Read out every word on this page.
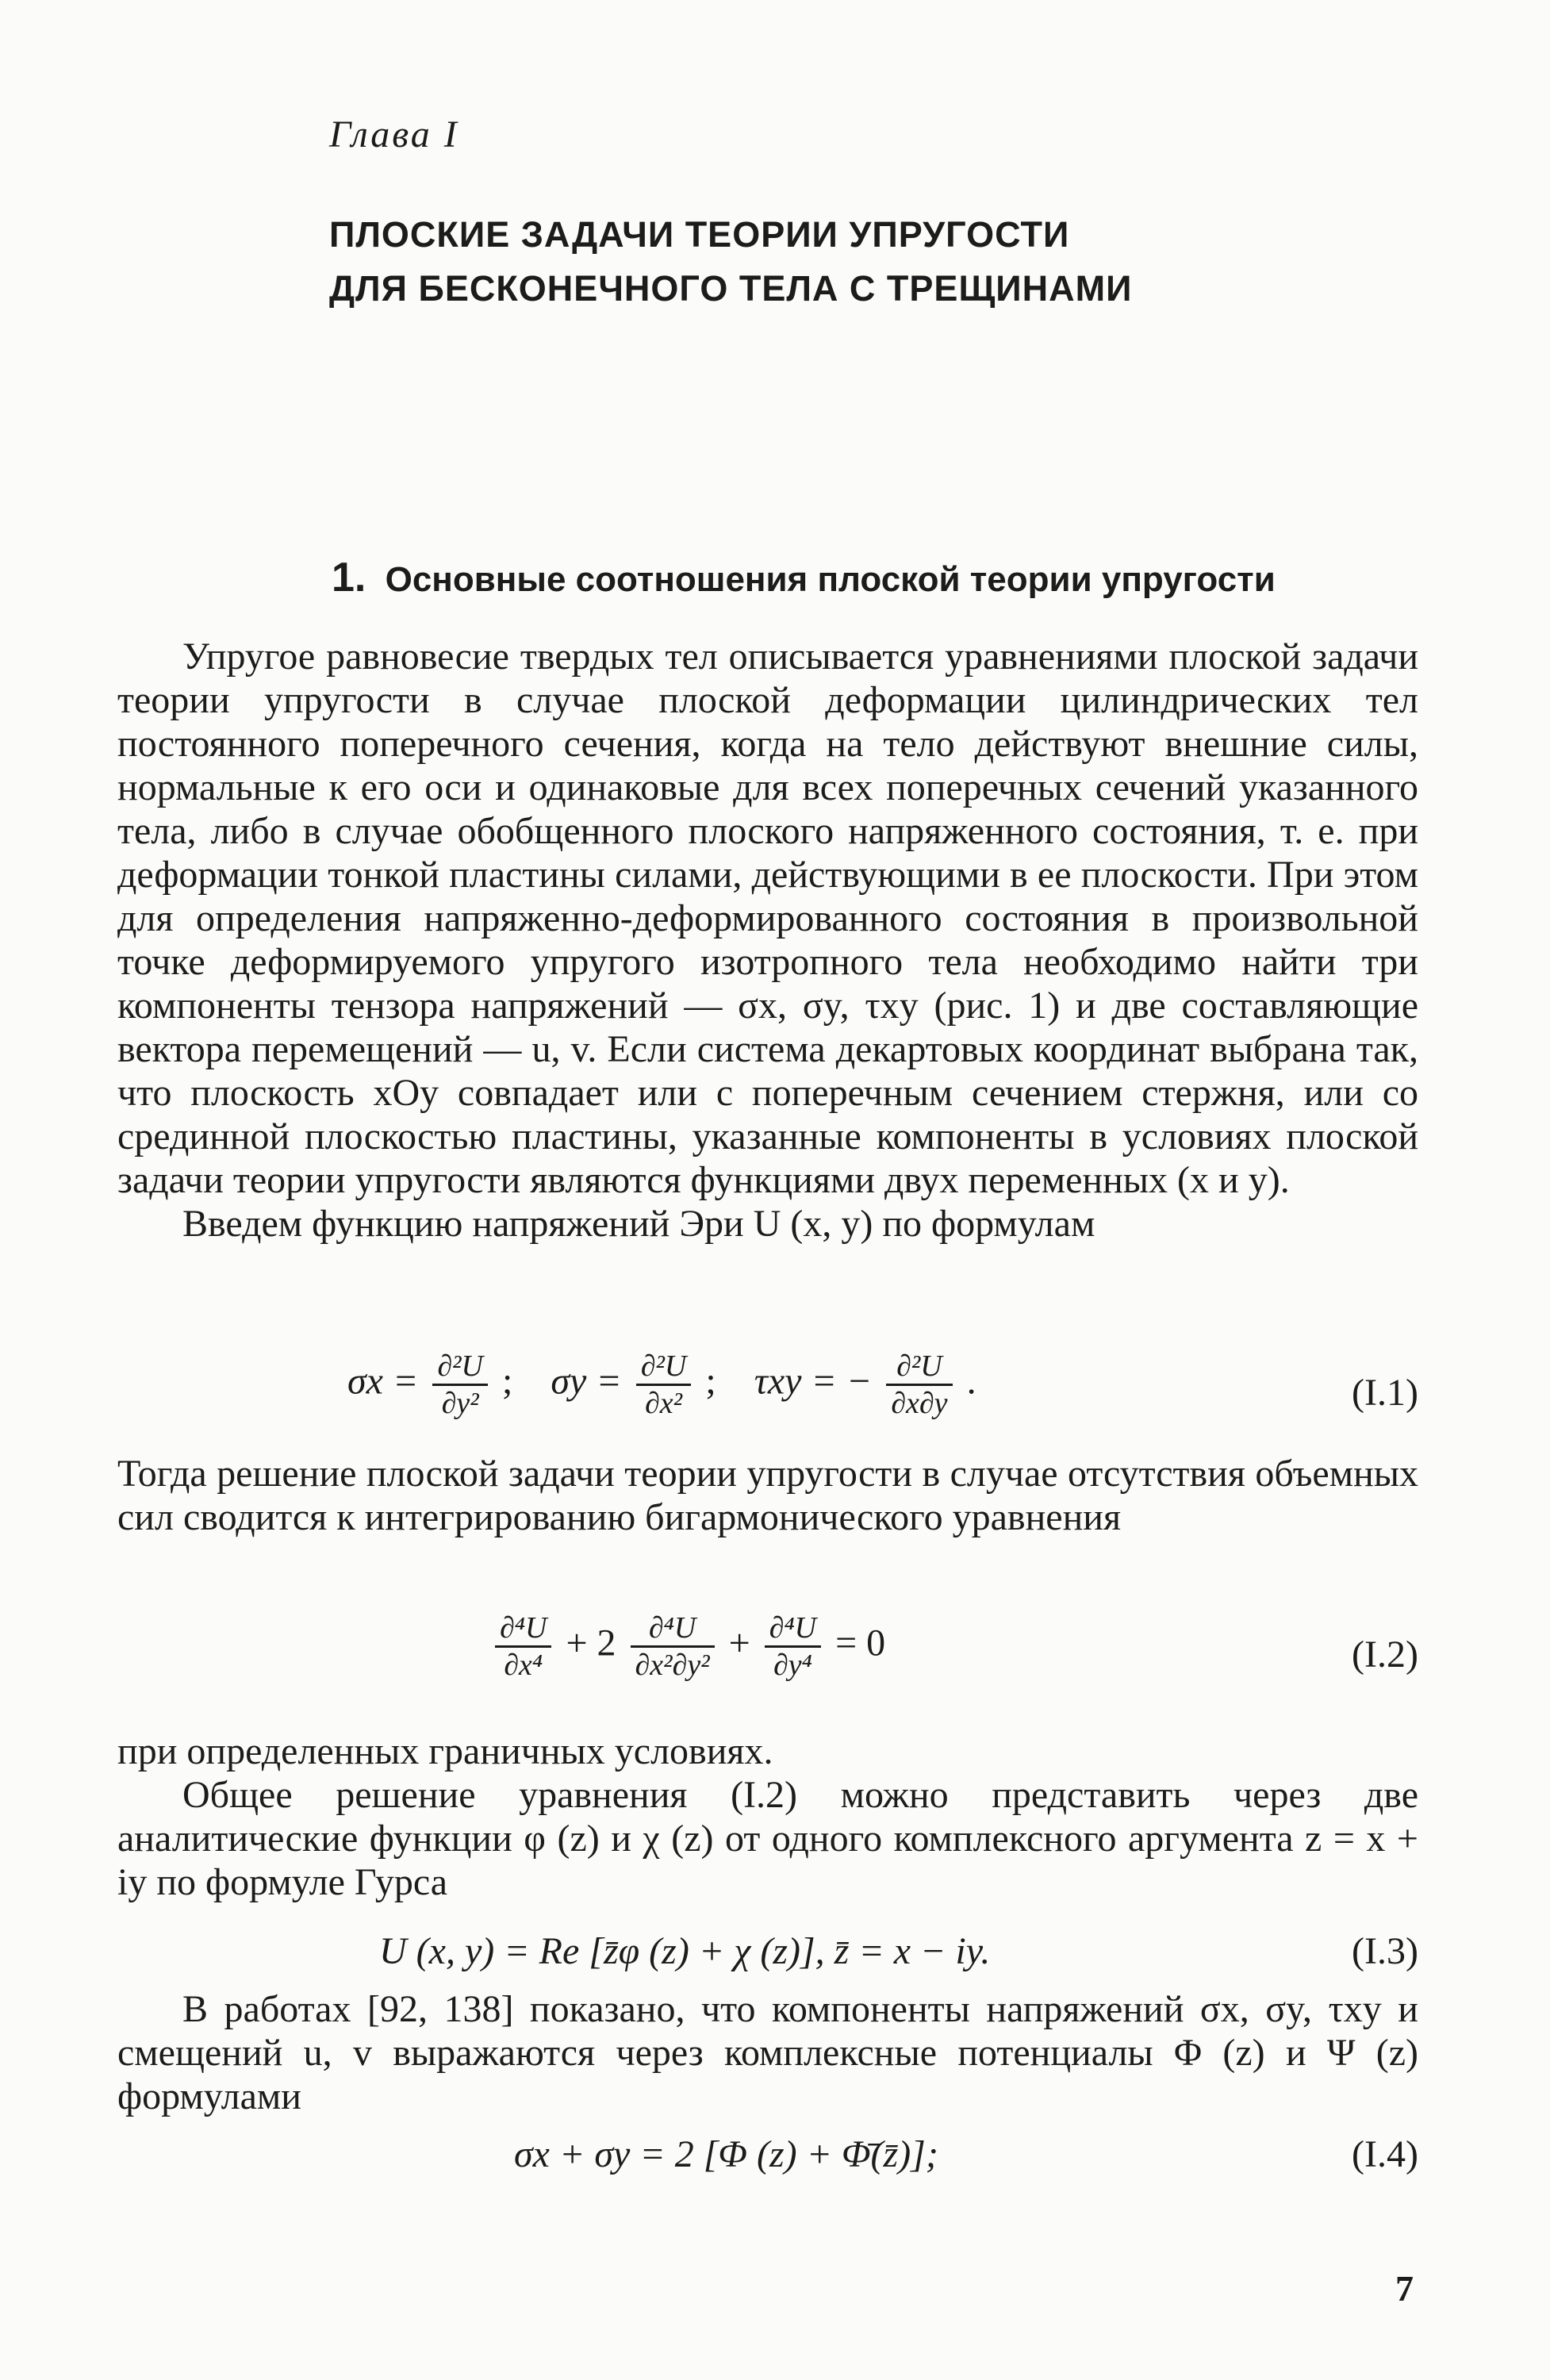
Глава I
ПЛОСКИЕ ЗАДАЧИ ТЕОРИИ УПРУГОСТИ
ДЛЯ БЕСКОНЕЧНОГО ТЕЛА С ТРЕЩИНАМИ
1. Основные соотношения плоской теории упругости

Упругое равновесие твердых тел описывается уравнениями плоской задачи теории упругости в случае плоской деформации цилиндрических тел постоянного поперечного сечения, когда на тело действуют внешние силы, нормальные к его оси и одинаковые для всех поперечных сечений указанного тела, либо в случае обобщенного плоского напряженного состояния, т. е. при деформации тонкой пластины силами, действующими в ее плоскости. При этом для определения напряженно-деформированного состояния в произвольной точке деформируемого упругого изотропного тела необходимо найти три компоненты тензора напряжений — σx, σy, τxy (рис. 1) и две составляющие вектора перемещений — u, v. Если система декартовых координат выбрана так, что плоскость xOy совпадает или с поперечным сечением стержня, или со срединной плоскостью пластины, указанные компоненты в условиях плоской задачи теории упругости являются функциями двух переменных (x и y).

Введем функцию напряжений Эри U (x, y) по формулам

$\sigma x = \frac{\text{∂²U}}{\text{∂y²}}$ ; $\sigma y = \frac{\text{∂²U}}{\text{∂x²}}$ ; τxy = − $\frac{\text{∂²U}}{\partial x\partial y}$ .	(I.1)

Тогда решение плоской задачи теории упругости в случае отсутствия объемных сил сводится к интегрированию бигармонического уравнения

$\frac{\text{∂⁴U}}{\text{∂x⁴}} + 2 \frac{\text{∂⁴U}}{\text{∂x²∂y²}} + \frac{\text{∂⁴U}}{\text{∂y⁴}} = 0$	(I.2)

при определенных граничных условиях.

Общее решение уравнения (I.2) можно представить через две аналитические функции φ (z) и χ (z) от одного комплексного аргумента z = x + iy по формуле Гурса

U (x, y) = Re [z̄φ (z) + χ (z)], z̄ = x − iy.	(I.3)

В работах [92, 138] показано, что компоненты напряжений σx, σy, τxy и смещений u, v выражаются через комплексные потенциалы Φ (z) и Ψ (z) формулами

σx + σy = 2 [Φ (z) + Φ̄(z̄)];	(I.4)
7
